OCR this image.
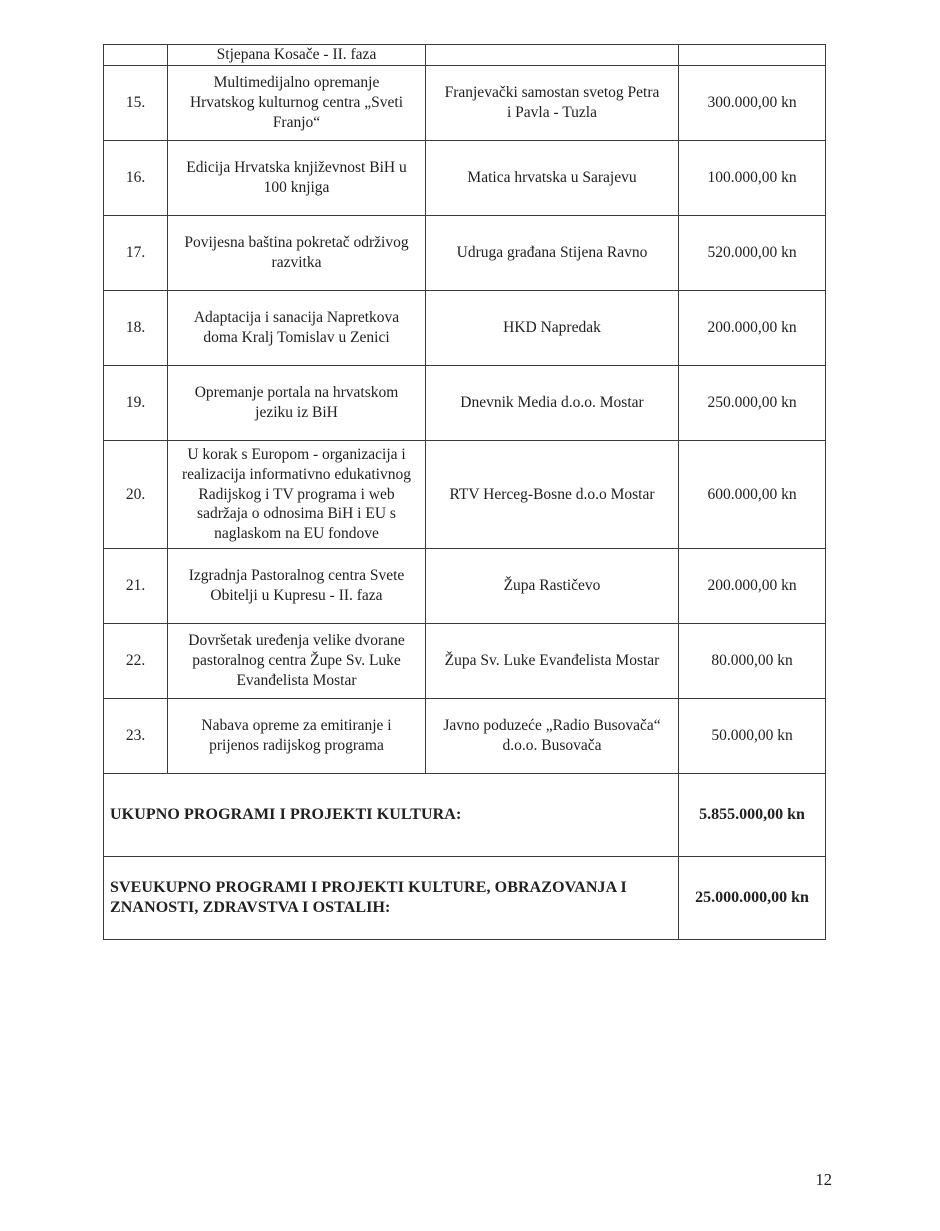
	Stjepana Kosače - II. faza		
15.	Multimedijalno opremanje Hrvatskog kulturnog centra „Sveti Franjo“	Franjevački samostan svetog Petra i Pavla - Tuzla	300.000,00 kn
16.	Edicija Hrvatska književnost BiH u 100 knjiga	Matica hrvatska u Sarajevu	100.000,00 kn
17.	Povijesna baština pokretač održivog razvitka	Udruga građana Stijena Ravno	520.000,00 kn
18.	Adaptacija i sanacija Napretkova doma Kralj Tomislav u Zenici	HKD Napredak	200.000,00 kn
19.	Opremanje portala na hrvatskom jeziku iz BiH	Dnevnik Media d.o.o. Mostar	250.000,00 kn
20.	U korak s Europom - organizacija i realizacija informativno edukativnog Radijskog i TV programa i web sadržaja o odnosima BiH i EU s naglaskom na EU fondove	RTV Herceg-Bosne d.o.o Mostar	600.000,00 kn
21.	Izgradnja Pastoralnog centra Svete Obitelji u Kupresu - II. faza	Župa Rastičevo	200.000,00 kn
22.	Dovršetak uređenja velike dvorane pastoralnog centra Župe Sv. Luke Evanđelista Mostar	Župa Sv. Luke Evanđelista Mostar	80.000,00 kn
23.	Nabava opreme za emitiranje i prijenos radijskog programa	Javno poduzeće „Radio Busovača“ d.o.o. Busovača	50.000,00 kn
UKUPNO PROGRAMI I PROJEKTI KULTURA:			5.855.000,00 kn
SVEUKUPNO PROGRAMI I PROJEKTI KULTURE, OBRAZOVANJA I ZNANOSTI, ZDRAVSTVA I OSTALIH:			25.000.000,00 kn
12
